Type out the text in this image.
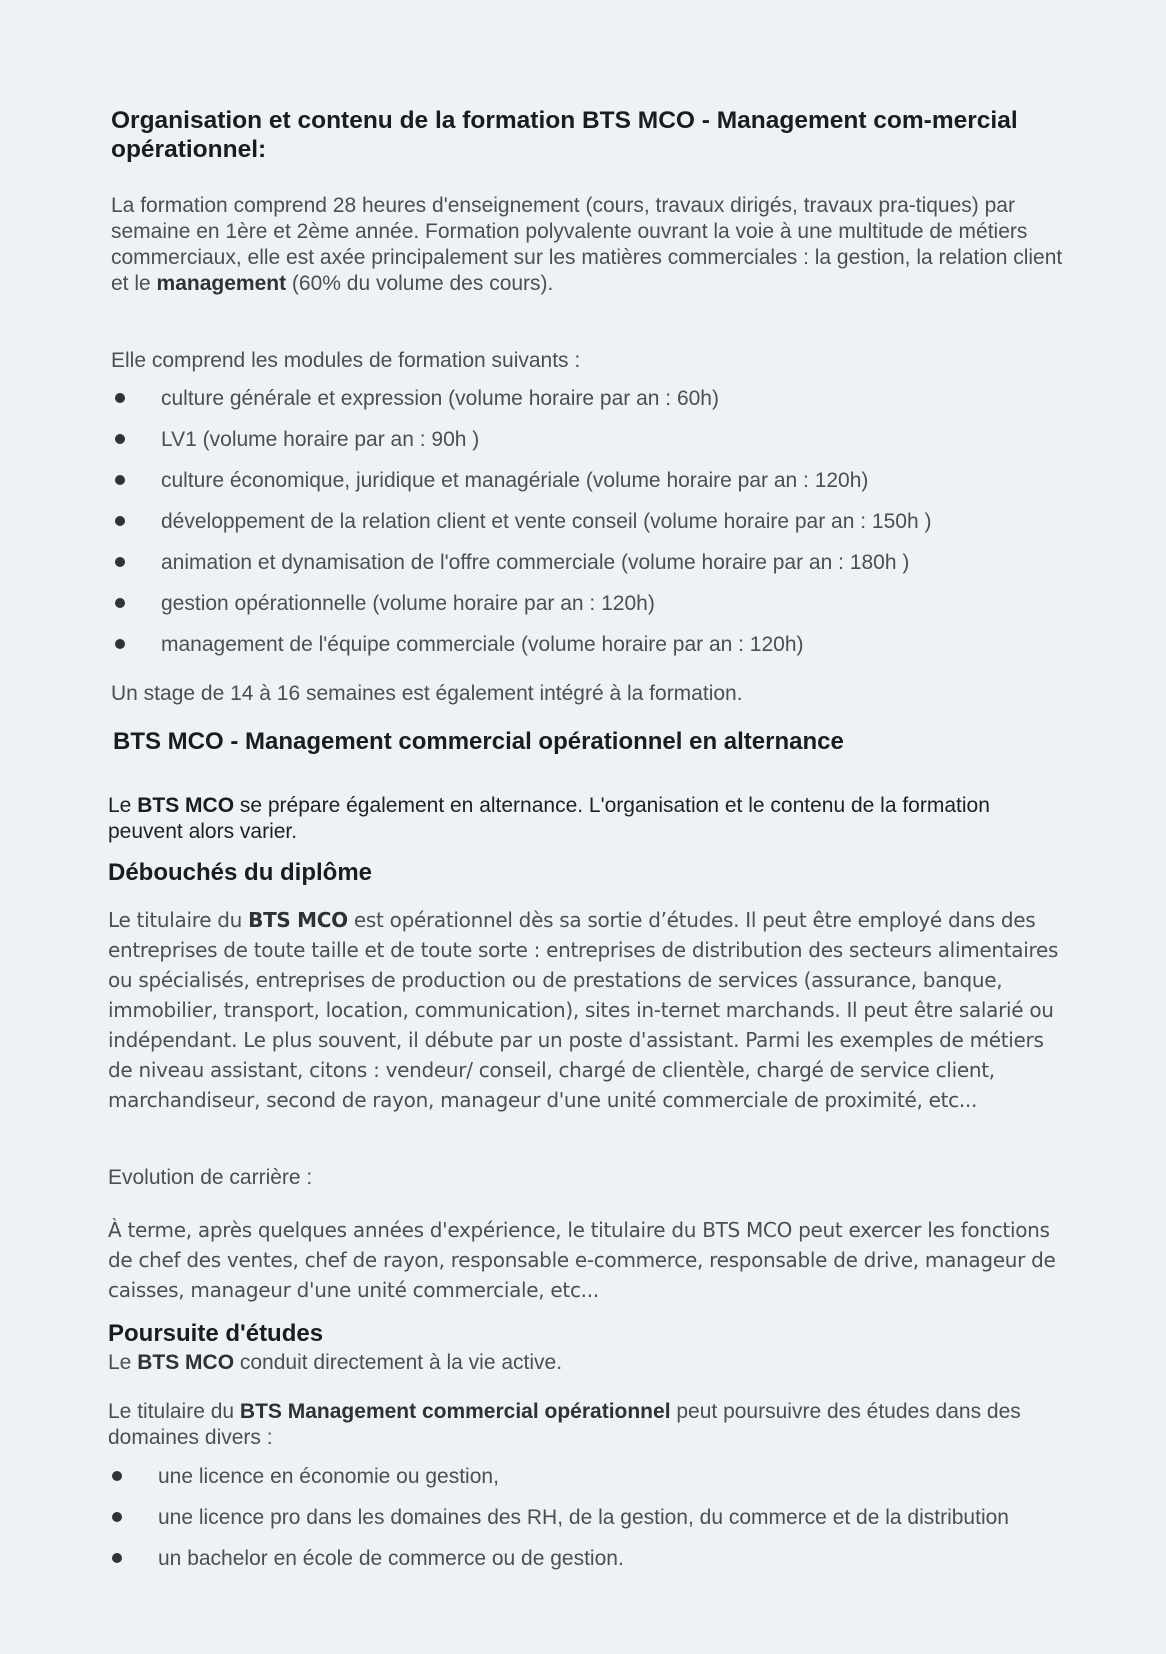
Organisation et contenu de la formation BTS MCO - Management com-mercial opérationnel:

La formation comprend 28 heures d'enseignement (cours, travaux dirigés, travaux pra-tiques) par semaine en 1ère et 2ème année. Formation polyvalente ouvrant la voie à une multitude de métiers commerciaux, elle est axée principalement sur les matières commerciales : la gestion, la relation client et le management (60% du volume des cours).

Elle comprend les modules de formation suivants :

culture générale et expression (volume horaire par an : 60h)
LV1 (volume horaire par an : 90h )
culture économique, juridique et managériale (volume horaire par an : 120h)
développement de la relation client et vente conseil (volume horaire par an : 150h )
animation et dynamisation de l'offre commerciale (volume horaire par an : 180h )
gestion opérationnelle (volume horaire par an : 120h)
management de l'équipe commerciale (volume horaire par an : 120h)

Un stage de 14 à 16 semaines est également intégré à la formation.

BTS MCO - Management commercial opérationnel en alternance

Le BTS MCO se prépare également en alternance. L'organisation et le contenu de la formation peuvent alors varier.

Débouchés du diplôme

Le titulaire du BTS MCO est opérationnel dès sa sortie d’études. Il peut être employé dans des entreprises de toute taille et de toute sorte : entreprises de distribution des secteurs alimentaires ou spécialisés, entreprises de production ou de prestations de services (assurance, banque, immobilier, transport, location, communication), sites in-ternet marchands. Il peut être salarié ou indépendant. Le plus souvent, il débute par un poste d'assistant. Parmi les exemples de métiers de niveau assistant, citons : vendeur/ conseil, chargé de clientèle, chargé de service client, marchandiseur, second de rayon, manageur d'une unité commerciale de proximité, etc...

Evolution de carrière :

À terme, après quelques années d'expérience, le titulaire du BTS MCO peut exercer les fonctions de chef des ventes, chef de rayon, responsable e-commerce, responsable de drive, manageur de caisses, manageur d'une unité commerciale, etc...

Poursuite d'études

Le BTS MCO conduit directement à la vie active.

Le titulaire du BTS Management commercial opérationnel peut poursuivre des études dans des domaines divers :

une licence en économie ou gestion,
une licence pro dans les domaines des RH, de la gestion, du commerce et de la distribution
un bachelor en école de commerce ou de gestion.
